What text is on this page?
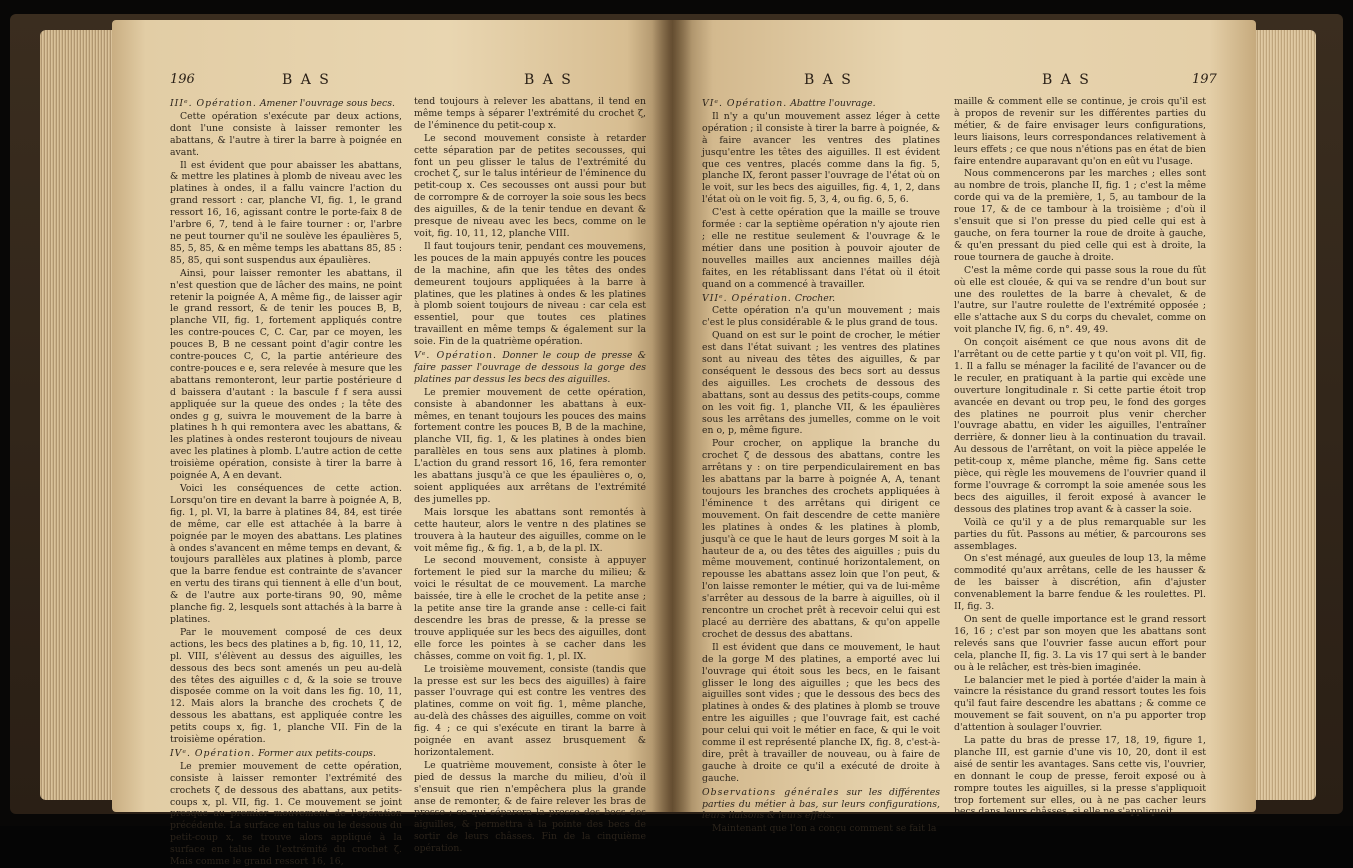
196	B A S	B A S

IIIᵉ. Opération. Amener l'ouvrage sous becs.

Cette opération s'exécute par deux actions, dont l'une consiste à laisser remonter les abattans, & l'autre à tirer la barre à poignée en avant.

Il est évident que pour abaisser les abattans, & mettre les platines à plomb de niveau avec les platines à ondes, il a fallu vaincre l'action du grand ressort : car, planche VI, fig. 1, le grand ressort 16, 16, agissant contre le porte-faix 8 de l'arbre 6, 7, tend à le faire tourner : or, l'arbre ne peut tourner qu'il ne soulève les épaulières 5, 85, 5, 85, & en même temps les abattans 85, 85 : 85, 85, qui sont suspendus aux épaulières.

Ainsi, pour laisser remonter les abattans, il n'est question que de lâcher des mains, ne point retenir la poignée A, A même fig., de laisser agir le grand ressort, & de tenir les pouces B, B, planche VII, fig. 1, fortement appliqués contre les contre-pouces C, C. Car, par ce moyen, les pouces B, B ne cessant point d'agir contre les contre-pouces C, C, la partie antérieure des contre-pouces e e, sera relevée à mesure que les abattans remonteront, leur partie postérieure d d baissera d'autant : la bascule f f sera aussi appliquée sur la queue des ondes ; la tête des ondes g g, suivra le mouvement de la barre à platines h h qui remontera avec les abattans, & les platines à ondes resteront toujours de niveau avec les platines à plomb. L'autre action de cette troisième opération, consiste à tirer la barre à poignée A, A en devant.

Voici les conséquences de cette action. Lorsqu'on tire en devant la barre à poignée A, B, fig. 1, pl. VI, la barre à platines 84, 84, est tirée de même, car elle est attachée à la barre à poignée par le moyen des abattans. Les platines à ondes s'avancent en même temps en devant, & toujours parallèles aux platines à plomb, parce que la barre fendue est contrainte de s'avancer en vertu des tirans qui tiennent à elle d'un bout, & de l'autre aux porte-tirans 90, 90, même planche fig. 2, lesquels sont attachés à la barre à platines.

Par le mouvement composé de ces deux actions, les becs des platines a b, fig. 10, 11, 12, pl. VIII, s'élèvent au dessus des aiguilles, les dessous des becs sont amenés un peu au-delà des têtes des aiguilles c d, & la soie se trouve disposée comme on la voit dans les fig. 10, 11, 12. Mais alors la branche des crochets ζ de dessous les abattans, est appliquée contre les petits coups x, fig. 1, planche VII. Fin de la troisième opération.

IVᵉ. Opération. Former aux petits-coups.

Le premier mouvement de cette opération, consiste à laisser remonter l'extrémité des crochets ζ de dessous des abattans, aux petits-coups x, pl. VII, fig. 1. Ce mouvement se joint presque au premier mouvement de l'opération précédente. La surface en talus ou le dessous du petit-coup x, se trouve alors appliqué à la surface en talus de l'extrémité du crochet ζ. Mais comme le grand ressort 16, 16,

tend toujours à relever les abattans, il tend en même temps à séparer l'extrémité du crochet ζ, de l'éminence du petit-coup x.

Le second mouvement consiste à retarder cette séparation par de petites secousses, qui font un peu glisser le talus de l'extrémité du crochet ζ, sur le talus intérieur de l'éminence du petit-coup x. Ces secousses ont aussi pour but de corrompre & de corroyer la soie sous les becs des aiguilles, & de la tenir tendue en devant & presque de niveau avec les becs, comme on le voit, fig. 10, 11, 12, planche VIII.

Il faut toujours tenir, pendant ces mouvemens, les pouces de la main appuyés contre les pouces de la machine, afin que les têtes des ondes demeurent toujours appliquées à la barre à platines, que les platines à ondes & les platines à plomb soient toujours de niveau : car cela est essentiel, pour que toutes ces platines travaillent en même temps & également sur la soie. Fin de la quatrième opération.

Vᵉ. Opération. Donner le coup de presse & faire passer l'ouvrage de dessous la gorge des platines par dessus les becs des aiguilles.

Le premier mouvement de cette opération, consiste à abandonner les abattans à eux-mêmes, en tenant toujours les pouces des mains fortement contre les pouces B, B de la machine, planche VII, fig. 1, & les platines à ondes bien parallèles en tous sens aux platines à plomb. L'action du grand ressort 16, 16, fera remonter les abattans jusqu'à ce que les épaulières o, o, soient appliquées aux arrêtans de l'extrémité des jumelles pp.

Mais lorsque les abattans sont remontés à cette hauteur, alors le ventre n des platines se trouvera à la hauteur des aiguilles, comme on le voit même fig., & fig. 1, a b, de la pl. IX.

Le second mouvement, consiste à appuyer fortement le pied sur la marche du milieu; & voici le résultat de ce mouvement. La marche baissée, tire à elle le crochet de la petite anse ; la petite anse tire la grande anse : celle-ci fait descendre les bras de presse, & la presse se trouve appliquée sur les becs des aiguilles, dont elle force les pointes à se cacher dans les châsses, comme on voit fig. 1, pl. IX.

Le troisième mouvement, consiste (tandis que la presse est sur les becs des aiguilles) à faire passer l'ouvrage qui est contre les ventres des platines, comme on voit fig. 1, même planche, au-delà des châsses des aiguilles, comme on voit fig. 4 ; ce qui s'exécute en tirant la barre à poignée en avant assez brusquement & horizontalement.

Le quatrième mouvement, consiste à ôter le pied de dessus la marche du milieu, d'où il s'ensuit que rien n'empêchera plus la grande anse de remonter, & de faire relever les bras de presse ; ce qui séparera la presse des becs des aiguilles, & permettra à la pointe des becs de sortir de leurs châsses. Fin de la cinquième opération.

B A S	B A S	197

VIᵉ. Opération. Abattre l'ouvrage.

Il n'y a qu'un mouvement assez léger à cette opération ; il consiste à tirer la barre à poignée, & à faire avancer les ventres des platines jusqu'entre les têtes des aiguilles. Il est évident que ces ventres, placés comme dans la fig. 5, planche IX, feront passer l'ouvrage de l'état où on le voit, sur les becs des aiguilles, fig. 4, 1, 2, dans l'état où on le voit fig. 5, 3, 4, ou fig. 6, 5, 6.

C'est à cette opération que la maille se trouve formée : car la septième opération n'y ajoute rien ; elle ne restitue seulement & l'ouvrage & le métier dans une position à pouvoir ajouter de nouvelles mailles aux anciennes mailles déjà faites, en les rétablissant dans l'état où il étoit quand on a commencé à travailler.

VIIᵉ. Opération. Crocher.

Cette opération n'a qu'un mouvement ; mais c'est le plus considérable & le plus grand de tous.

Quand on est sur le point de crocher, le métier est dans l'état suivant ; les ventres des platines sont au niveau des têtes des aiguilles, & par conséquent le dessous des becs sort au dessus des aiguilles. Les crochets de dessous des abattans, sont au dessus des petits-coups, comme on les voit fig. 1, planche VII, & les épaulières sous les arrêtans des jumelles, comme on le voit en o, p, même figure.

Pour crocher, on applique la branche du crochet ζ de dessous des abattans, contre les arrêtans y : on tire perpendiculairement en bas les abattans par la barre à poignée A, A, tenant toujours les branches des crochets appliquées à l'éminence t des arrêtans qui dirigent ce mouvement. On fait descendre de cette manière les platines à ondes & les platines à plomb, jusqu'à ce que le haut de leurs gorges M soit à la hauteur de a, ou des têtes des aiguilles ; puis du même mouvement, continué horizontalement, on repousse les abattans assez loin que l'on peut, & l'on laisse remonter le métier, qui va de lui-même s'arrêter au dessous de la barre à aiguilles, où il rencontre un crochet prêt à recevoir celui qui est placé au derrière des abattans, & qu'on appelle crochet de dessus des abattans.

Il est évident que dans ce mouvement, le haut de la gorge M des platines, a emporté avec lui l'ouvrage qui étoit sous les becs, en le faisant glisser le long des aiguilles ; que les becs des aiguilles sont vides ; que le dessous des becs des platines à ondes & des platines à plomb se trouve entre les aiguilles ; que l'ouvrage fait, est caché pour celui qui voit le métier en face, & qui le voit comme il est représenté planche IX, fig. 8, c'est-à-dire, prêt à travailler de nouveau, ou à faire de gauche à droite ce qu'il a exécuté de droite à gauche.

Observations générales sur les différentes parties du métier à bas, sur leurs configurations, leurs liaisons & leurs effets.

Maintenant que l'on a conçu comment se fait la

maille & comment elle se continue, je crois qu'il est à propos de revenir sur les différentes parties du métier, & de faire envisager leurs configurations, leurs liaisons, leurs correspondances relativement à leurs effets ; ce que nous n'étions pas en état de bien faire entendre auparavant qu'on en eût vu l'usage.

Nous commencerons par les marches ; elles sont au nombre de trois, planche II, fig. 1 ; c'est la même corde qui va de la première, 1, 5, au tambour de la roue 17, & de ce tambour à la troisième ; d'où il s'ensuit que si l'on presse du pied celle qui est à gauche, on fera tourner la roue de droite à gauche, & qu'en pressant du pied celle qui est à droite, la roue tournera de gauche à droite.

C'est la même corde qui passe sous la roue du fût où elle est clouée, & qui va se rendre d'un bout sur une des roulettes de la barre à chevalet, & de l'autre, sur l'autre roulette de l'extrémité opposée ; elle s'attache aux S du corps du chevalet, comme on voit planche IV, fig. 6, n°. 49, 49.

On conçoit aisément ce que nous avons dit de l'arrêtant ou de cette partie y t qu'on voit pl. VII, fig. 1. Il a fallu se ménager la facilité de l'avancer ou de le reculer, en pratiquant à la partie qui excède une ouverture longitudinale r. Si cette partie étoit trop avancée en devant ou trop peu, le fond des gorges des platines ne pourroit plus venir chercher l'ouvrage abattu, en vider les aiguilles, l'entraîner derrière, & donner lieu à la continuation du travail. Au dessous de l'arrêtant, on voit la pièce appelée le petit-coup x, même planche, même fig. Sans cette pièce, qui règle les mouvemens de l'ouvrier quand il forme l'ouvrage & corrompt la soie amenée sous les becs des aiguilles, il feroit exposé à avancer le dessous des platines trop avant & à casser la soie.

Voilà ce qu'il y a de plus remarquable sur les parties du fût. Passons au métier, & parcourons ses assemblages.

On s'est ménagé, aux gueules de loup 13, la même commodité qu'aux arrêtans, celle de les hausser & de les baisser à discrétion, afin d'ajuster convenablement la barre fendue & les roulettes. Pl. II, fig. 3.

On sent de quelle importance est le grand ressort 16, 16 ; c'est par son moyen que les abattans sont relevés sans que l'ouvrier fasse aucun effort pour cela, planche II, fig. 3. La vis 17 qui sert à le bander ou à le relâcher, est très-bien imaginée.

Le balancier met le pied à portée d'aider la main à vaincre la résistance du grand ressort toutes les fois qu'il faut faire descendre les abattans ; & comme ce mouvement se fait souvent, on n'a pu apporter trop d'attention à soulager l'ouvrier.

La patte du bras de presse 17, 18, 19, figure 1, planche III, est garnie d'une vis 10, 20, dont il est aisé de sentir les avantages. Sans cette vis, l'ouvrier, en donnant le coup de presse, feroit exposé ou à rompre toutes les aiguilles, si la presse s'appliquoit trop fortement sur elles, ou à ne pas cacher leurs becs dans leurs châsses, si elle ne s'appliquoit
